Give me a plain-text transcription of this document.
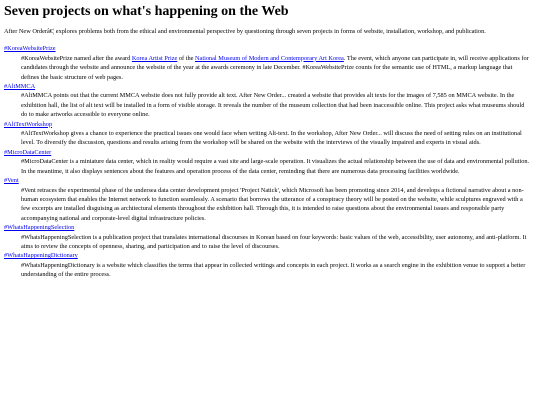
Seven projects on what's happening on the Web

After New Orderâ€¦ explores problems both from the ethical and environmental perspective by questioning through seven projects in forms of website, installation, workshop, and publication.

#KoreaWebsitePrize
#KoreaWebsitePrize named after the award Korea Artist Prize of the National Museum of Modern and Contemporary Art Korea. The event, which anyone can participate in, will receive applications for candidates through the website and announce the website of the year at the awards ceremony in late December. #KoreaWebsitePrize counts for the semantic use of HTML, a markup language that defines the basic structure of web pages.
#AltMMCA
#AltMMCA points out that the current MMCA website does not fully provide alt text. After New Order... created a website that provides alt texts for the images of 7,585 on MMCA website. In the exhibition hall, the list of alt text will be installed in a form of visible storage. It reveals the number of the museum collection that had been inaccessible online. This project asks what museums should do to make artworks accessible to everyone online.
#AltTextWorkshop
#AltTextWorkshop gives a chance to experience the practical issues one would face when writing Alt-text. In the workshop, After New Order... will discuss the need of setting rules on an institutional level. To diversify the discussion, questions and results arising from the workshop will be shared on the website with the interviews of the visually impaired and experts in visual aids.
#MicroDataCenter
#MicroDataCenter is a miniature data center, which in reality would require a vast site and large-scale operation. It visualizes the actual relationship between the use of data and environmental pollution. In the meantime, it also displays sentences about the features and operation process of the data center, reminding that there are numerous data processing facilities worldwide.
#Vent
#Vent retraces the experimental phase of the undersea data center development project 'Project Natick', which Microsoft has been promoting since 2014, and develops a fictional narrative about a non-human ecosystem that enables the Internet network to function seamlessly. A scenario that borrows the utterance of a conspiracy theory will be posted on the website, while sculptures engraved with a few excerpts are installed disguising as architectural elements throughout the exhibition hall. Through this, it is intended to raise questions about the environmental issues and responsible party accompanying national and corporate-level digital infrastructure policies.
#WhatsHappeningSelection
#WhatsHappeningSelection is a publication project that translates international discourses in Korean based on four keywords: basic values of the web, accessibility, user autonomy, and anti-platform. It aims to review the concepts of openness, sharing, and participation and to raise the level of discourses.
#WhatsHappeningDictionary
#WhatsHappeningDictionary is a website which classifies the terms that appear in collected writings and concepts in each project. It works as a search engine in the exhibition venue to support a better understanding of the entire process.
